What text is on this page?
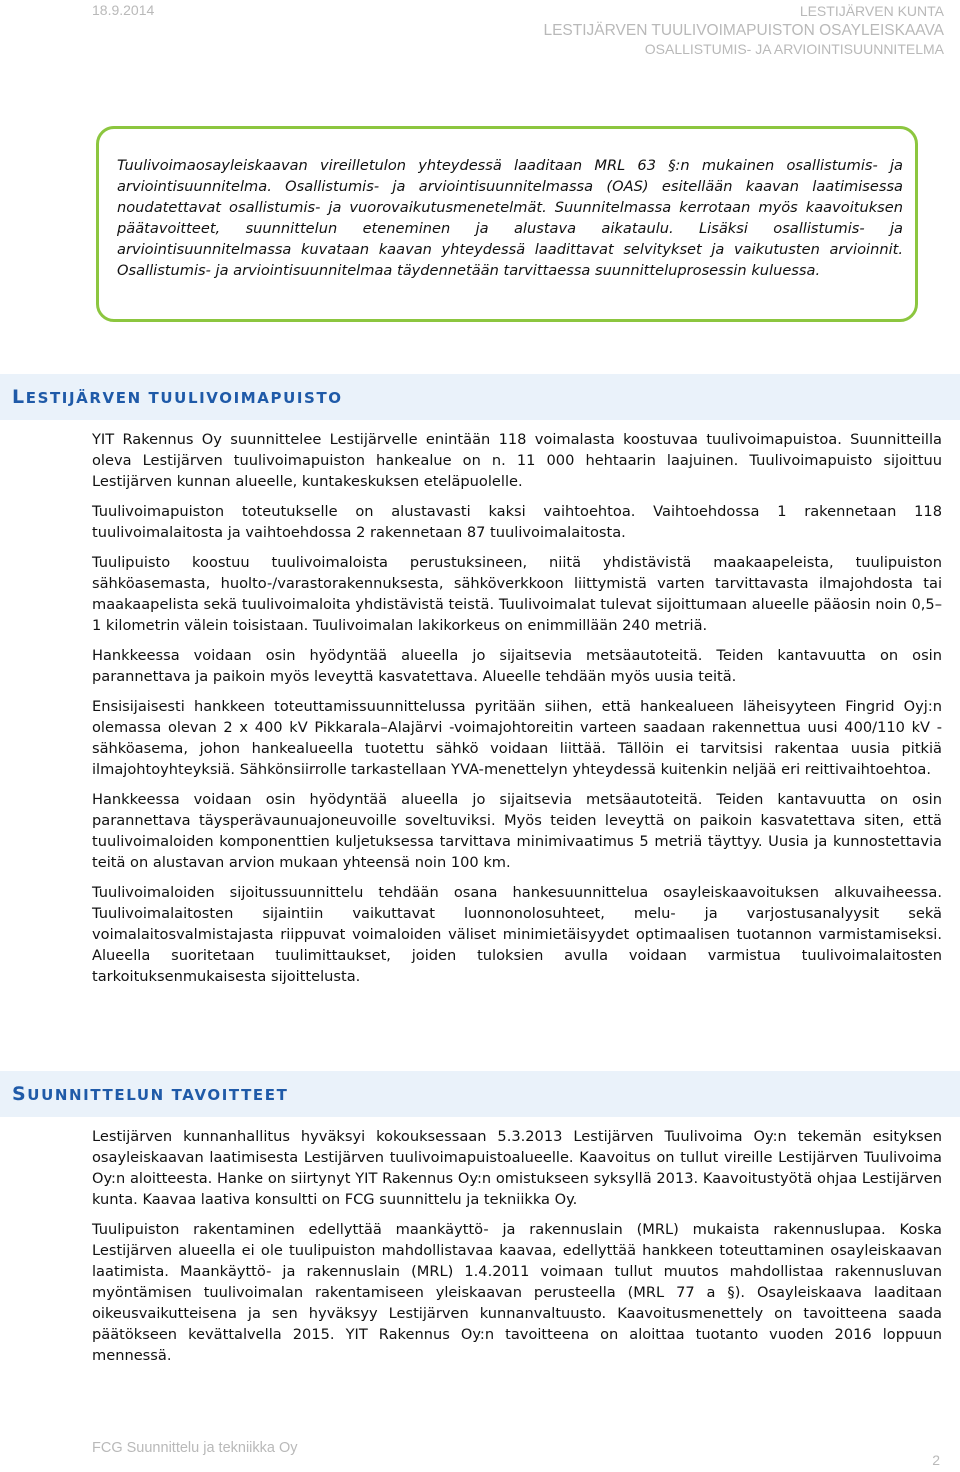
18.9.2014	LESTIJÄRVEN KUNTA
LESTIJÄRVEN TUULIVOIMAPUISTON OSAYLEISKAAVA
OSALLISTUMIS- JA ARVIOINTISUUNNITELMA

Tuulivoimaosayleiskaavan vireilletulon yhteydessä laaditaan MRL 63 §:n mukainen osallistumis- ja arviointisuunnitelma. Osallistumis- ja arviointisuunnitelmassa (OAS) esitellään kaavan laatimisessa noudatettavat osallistumis- ja vuorovaikutusmenetelmät. Suunnitelmassa kerrotaan myös kaavoituksen päätavoitteet, suunnittelun eteneminen ja alustava aikataulu. Lisäksi osallistumis- ja arviointisuunnitelmassa kuvataan kaavan yhteydessä laadittavat selvitykset ja vaikutusten arvioinnit. Osallistumis- ja arviointisuunnitelmaa täydennetään tarvittaessa suunnitteluprosessin kuluessa.

LESTIJÄRVEN TUULIVOIMAPUISTO

YIT Rakennus Oy suunnittelee Lestijärvelle enintään 118 voimalasta koostuvaa tuulivoimapuistoa. Suunnitteilla oleva Lestijärven tuulivoimapuiston hankealue on n. 11 000 hehtaarin laajuinen. Tuulivoimapuisto sijoittuu Lestijärven kunnan alueelle, kuntakeskuksen eteläpuolelle.

Tuulivoimapuiston toteutukselle on alustavasti kaksi vaihtoehtoa. Vaihtoehdossa 1 rakennetaan 118 tuulivoimalaitosta ja vaihtoehdossa 2 rakennetaan 87 tuulivoimalaitosta.

Tuulipuisto koostuu tuulivoimaloista perustuksineen, niitä yhdistävistä maakaapeleista, tuulipuiston sähköasemasta, huolto-/varastorakennuksesta, sähköverkkoon liittymistä varten tarvittavasta ilmajohdosta tai maakaapelista sekä tuulivoimaloita yhdistävistä teistä. Tuulivoimalat tulevat sijoittumaan alueelle pääosin noin 0,5–1 kilometrin välein toisistaan. Tuulivoimalan lakikorkeus on enimmillään 240 metriä.

Hankkeessa voidaan osin hyödyntää alueella jo sijaitsevia metsäautoteitä. Teiden kantavuutta on osin parannettava ja paikoin myös leveyttä kasvatettava. Alueelle tehdään myös uusia teitä.

Ensisijaisesti hankkeen toteuttamissuunnittelussa pyritään siihen, että hankealueen läheisyyteen Fingrid Oyj:n olemassa olevan 2 x 400 kV Pikkarala–Alajärvi -voimajohtoreitin varteen saadaan rakennettua uusi 400/110 kV -sähköasema, johon hankealueella tuotettu sähkö voidaan liittää. Tällöin ei tarvitsisi rakentaa uusia pitkiä ilmajohtoyhteyksiä. Sähkönsiirrolle tarkastellaan YVA-menettelyn yhteydessä kuitenkin neljää eri reittivaihtoehtoa.

Hankkeessa voidaan osin hyödyntää alueella jo sijaitsevia metsäautoteitä. Teiden kantavuutta on osin parannettava täysperävaunuajoneuvoille soveltuviksi. Myös teiden leveyttä on paikoin kasvatettava siten, että tuulivoimaloiden komponenttien kuljetuksessa tarvittava minimivaatimus 5 metriä täyttyy. Uusia ja kunnostettavia teitä on alustavan arvion mukaan yhteensä noin 100 km.

Tuulivoimaloiden sijoitussuunnittelu tehdään osana hankesuunnittelua osayleiskaavoituksen alkuvaiheessa. Tuulivoimalaitosten sijaintiin vaikuttavat luonnonolosuhteet, melu- ja varjostusanalyysit sekä voimalaitosvalmistajasta riippuvat voimaloiden väliset minimietäisyydet optimaalisen tuotannon varmistamiseksi. Alueella suoritetaan tuulimittaukset, joiden tuloksien avulla voidaan varmistua tuulivoimalaitosten tarkoituksenmukaisesta sijoittelusta.

SUUNNITTELUN TAVOITTEET

Lestijärven kunnanhallitus hyväksyi kokouksessaan 5.3.2013 Lestijärven Tuulivoima Oy:n tekemän esityksen osayleiskaavan laatimisesta Lestijärven tuulivoimapuistoalueelle. Kaavoitus on tullut vireille Lestijärven Tuulivoima Oy:n aloitteesta. Hanke on siirtynyt YIT Rakennus Oy:n omistukseen syksyllä 2013. Kaavoitustyötä ohjaa Lestijärven kunta. Kaavaa laativa konsultti on FCG suunnittelu ja tekniikka Oy.

Tuulipuiston rakentaminen edellyttää maankäyttö- ja rakennuslain (MRL) mukaista rakennuslupaa. Koska Lestijärven alueella ei ole tuulipuiston mahdollistavaa kaavaa, edellyttää hankkeen toteuttaminen osayleiskaavan laatimista. Maankäyttö- ja rakennuslain (MRL) 1.4.2011 voimaan tullut muutos mahdollistaa rakennusluvan myöntämisen tuulivoimalan rakentamiseen yleiskaavan perusteella (MRL 77 a §). Osayleiskaava laaditaan oikeusvaikutteisena ja sen hyväksyy Lestijärven kunnanvaltuusto. Kaavoitusmenettely on tavoitteena saada päätökseen kevättalvella 2015. YIT Rakennus Oy:n tavoitteena on aloittaa tuotanto vuoden 2016 loppuun mennessä.

FCG Suunnittelu ja tekniikka Oy
2
